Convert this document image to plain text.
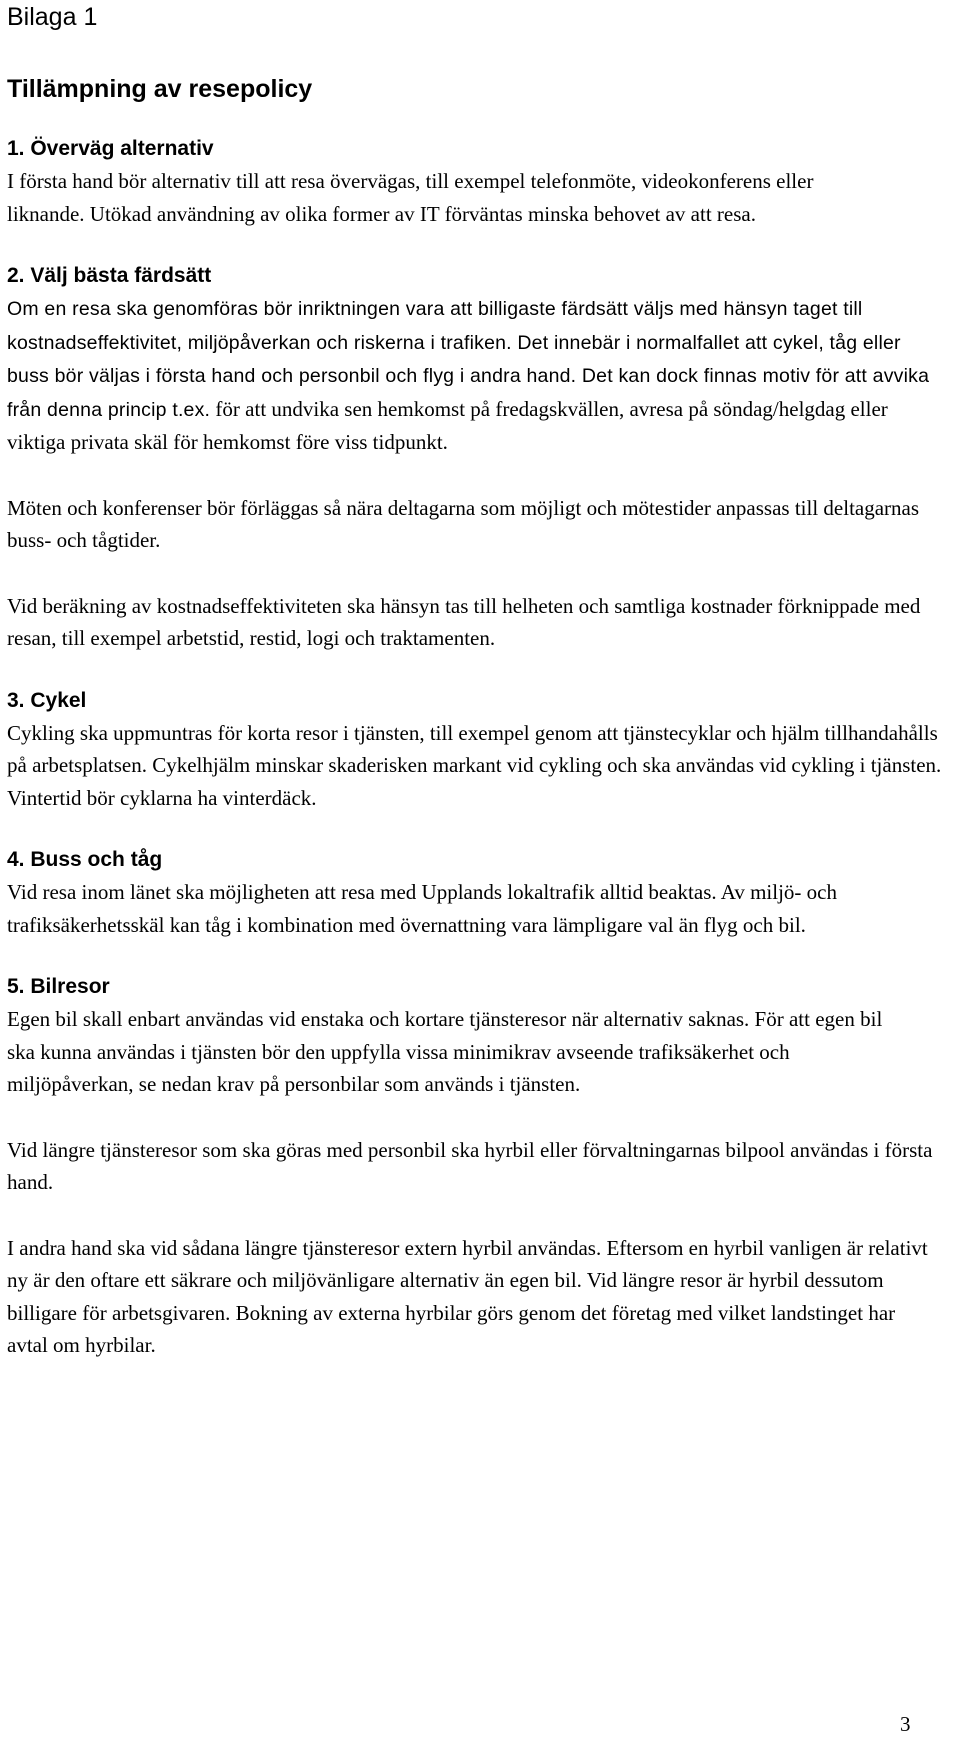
Bilaga 1
Tillämpning av resepolicy
1. Överväg alternativ

I första hand bör alternativ till att resa övervägas, till exempel telefonmöte, videokonferens eller liknande. Utökad användning av olika former av IT förväntas minska behovet av att resa.

2. Välj bästa färdsätt

Om en resa ska genomföras bör inriktningen vara att billigaste färdsätt väljs med hänsyn taget till kostnadseffektivitet, miljöpåverkan och riskerna i trafiken. Det innebär i normalfallet att cykel, tåg eller buss bör väljas i första hand och personbil och flyg i andra hand. Det kan dock finnas motiv för att avvika från denna princip t.ex. för att undvika sen hemkomst på fredagskvällen, avresa på söndag/helgdag eller viktiga privata skäl för hemkomst före viss tidpunkt.

Möten och konferenser bör förläggas så nära deltagarna som möjligt och mötestider anpassas till deltagarnas buss- och tågtider.

Vid beräkning av kostnadseffektiviteten ska hänsyn tas till helheten och samtliga kostnader förknippade med resan, till exempel arbetstid, restid, logi och traktamenten.

3. Cykel

Cykling ska uppmuntras för korta resor i tjänsten, till exempel genom att tjänstecyklar och hjälm tillhandahålls på arbetsplatsen. Cykelhjälm minskar skaderisken markant vid cykling och ska användas vid cykling i tjänsten. Vintertid bör cyklarna ha vinterdäck.

4. Buss och tåg

Vid resa inom länet ska möjligheten att resa med Upplands lokaltrafik alltid beaktas. Av miljö- och trafiksäkerhetsskäl kan tåg i kombination med övernattning vara lämpligare val än flyg och bil.

5. Bilresor

Egen bil skall enbart användas vid enstaka och kortare tjänsteresor när alternativ saknas. För att egen bil ska kunna användas i tjänsten bör den uppfylla vissa minimikrav avseende trafiksäkerhet och miljöpåverkan, se nedan krav på personbilar som används i tjänsten.

Vid längre tjänsteresor som ska göras med personbil ska hyrbil eller förvaltningarnas bilpool användas i första hand.

I andra hand ska vid sådana längre tjänsteresor extern hyrbil användas. Eftersom en hyrbil vanligen är relativt ny är den oftare ett säkrare och miljövänligare alternativ än egen bil. Vid längre resor är hyrbil dessutom billigare för arbetsgivaren. Bokning av externa hyrbilar görs genom det företag med vilket landstinget har avtal om hyrbilar.

3
